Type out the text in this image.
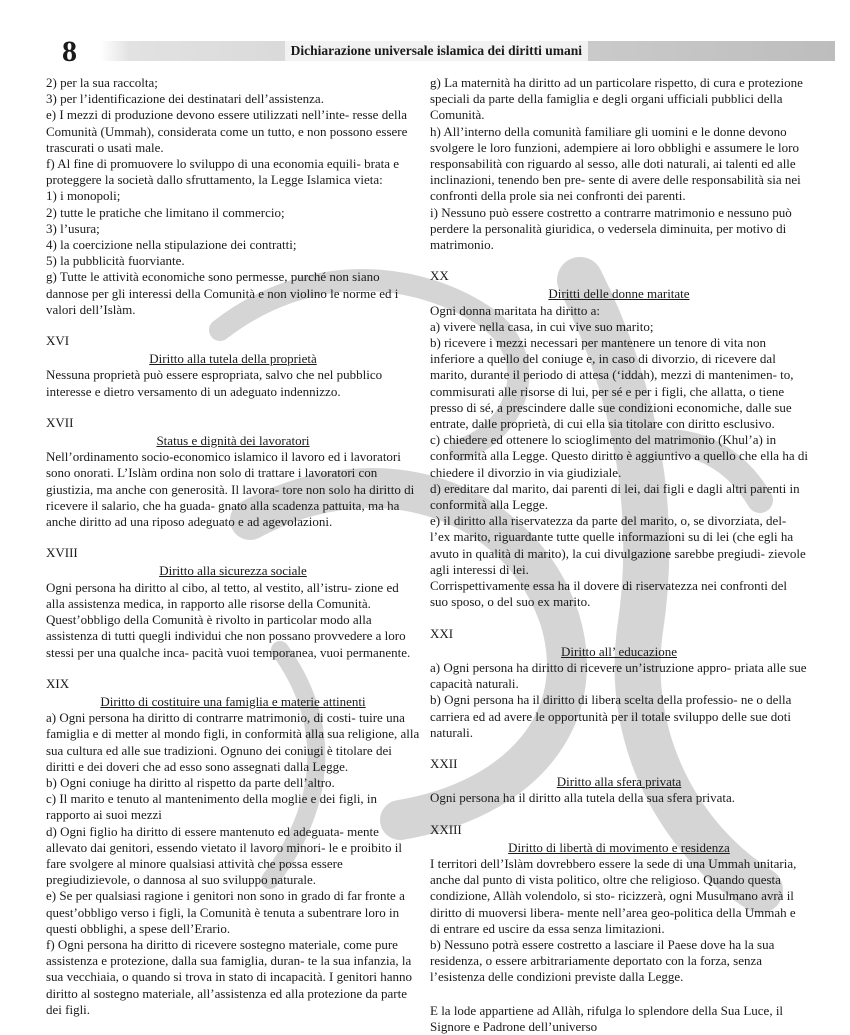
8	Dichiarazione universale islamica dei diritti umani

2) per la sua raccolta;

3) per l’identificazione dei destinatari dell’assistenza.

e) I mezzi di produzione devono essere utilizzati nell’inte- resse della Comunità (Ummah), considerata come un tutto, e non possono essere trascurati o usati male.

f) Al fine di promuovere lo sviluppo di una economia equili- brata e proteggere la società dallo sfruttamento, la Legge Islamica vieta:

1) i monopoli;

2) tutte le pratiche che limitano il commercio;

3) l’usura;

4) la coercizione nella stipulazione dei contratti;

5) la pubblicità fuorviante.

g) Tutte le attività economiche sono permesse, purché non siano dannose per gli interessi della Comunità e non violino le norme ed i valori dell’Islàm.

XVI

Diritto alla tutela della proprietà

Nessuna proprietà può essere espropriata, salvo che nel pubblico interesse e dietro versamento di un adeguato indennizzo.

XVII

Status e dignità dei lavoratori

Nell’ordinamento socio-economico islamico il lavoro ed i lavoratori sono onorati. L’Islàm ordina non solo di trattare i lavoratori con giustizia, ma anche con generosità. Il lavora- tore non solo ha diritto di ricevere il salario, che ha guada- gnato alla scadenza pattuita, ma ha anche diritto ad una riposo adeguato e ad agevolazioni.

XVIII

Diritto alla sicurezza sociale

Ogni persona ha diritto al cibo, al tetto, al vestito, all’istru- zione ed alla assistenza medica, in rapporto alle risorse della Comunità. Quest’obbligo della Comunità è rivolto in particolar modo alla assistenza di tutti quegli individui che non possano provvedere a loro stessi per una qualche inca- pacità vuoi temporanea, vuoi permanente.

XIX

Diritto di costituire una famiglia e materie attinenti

a) Ogni persona ha diritto di contrarre matrimonio, di costi- tuire una famiglia e di metter al mondo figli, in conformità alla sua religione, alla sua cultura ed alle sue tradizioni. Ognuno dei coniugi è titolare dei diritti e dei doveri che ad esso sono assegnati dalla Legge.

b) Ogni coniuge ha diritto al rispetto da parte dell’altro.

c) Il marito e tenuto al mantenimento della moglie e dei figli, in rapporto ai suoi mezzi

d) Ogni figlio ha diritto di essere mantenuto ed adeguata- mente allevato dai genitori, essendo vietato il lavoro minori- le e proibito il fare svolgere al minore qualsiasi attività che possa essere pregiudizievole, o dannosa al suo sviluppo naturale.

e) Se per qualsiasi ragione i genitori non sono in grado di far fronte a quest’obbligo verso i figli, la Comunità è tenuta a subentrare loro in questi obblighi, a spese dell’Erario.

f) Ogni persona ha diritto di ricevere sostegno materiale, come pure assistenza e protezione, dalla sua famiglia, duran- te la sua infanzia, la sua vecchiaia, o quando si trova in stato di incapacità. I genitori hanno diritto al sostegno materiale, all’assistenza ed alla protezione da parte dei figli.

g) La maternità ha diritto ad un particolare rispetto, di cura e protezione speciali da parte della famiglia e degli organi ufficiali pubblici della Comunità.

h) All’interno della comunità familiare gli uomini e le donne devono svolgere le loro funzioni, adempiere ai loro obblighi e assumere le loro responsabilità con riguardo al sesso, alle doti naturali, ai talenti ed alle inclinazioni, tenendo ben pre- sente di avere delle responsabilità sia nei confronti della prole sia nei confronti dei parenti.

i) Nessuno può essere costretto a contrarre matrimonio e nessuno può perdere la personalità giuridica, o vedersela diminuita, per motivo di matrimonio.

XX

Diritti delle donne maritate

Ogni donna maritata ha diritto a:

a) vivere nella casa, in cui vive suo marito;

b) ricevere i mezzi necessari per mantenere un tenore di vita non inferiore a quello del coniuge e, in caso di divorzio, di ricevere dal marito, durante il periodo di attesa (‘iddah), mezzi di mantenimen- to, commisurati alle risorse di lui, per sé e per i figli, che allatta, o tiene presso di sé, a prescindere dalle sue condizioni economiche, dalle sue entrate, dalle proprietà, di cui ella sia titolare con diritto esclusivo.

c) chiedere ed ottenere lo scioglimento del matrimonio (Khul’a) in conformità alla Legge. Questo diritto è aggiuntivo a quello che ella ha di chiedere il divorzio in via giudiziale.

d) ereditare dal marito, dai parenti di lei, dai figli e dagli altri parenti in conformità alla Legge.

e) il diritto alla riservatezza da parte del marito, o, se divorziata, del- l’ex marito, riguardante tutte quelle informazioni su di lei (che egli ha avuto in qualità di marito), la cui divulgazione sarebbe pregiudi- zievole agli interessi di lei.

Corrispettivamente essa ha il dovere di riservatezza nei confronti del suo sposo, o del suo ex marito.

XXI

Diritto all’ educazione

a) Ogni persona ha diritto di ricevere un’istruzione appro- priata alle sue capacità naturali.

b) Ogni persona ha il diritto di libera scelta della professio- ne o della carriera ed ad avere le opportunità per il totale sviluppo delle sue doti naturali.

XXII

Diritto alla sfera privata

Ogni persona ha il diritto alla tutela della sua sfera privata.

XXIII

Diritto di libertà di movimento e residenza

I territori dell’Islàm dovrebbero essere la sede di una Ummah unitaria, anche dal punto di vista politico, oltre che religioso. Quando questa condizione, Allàh volendolo, si sto- ricizzerà, ogni Musulmano avrà il diritto di muoversi libera- mente nell’area geo-politica della Ummah e di entrare ed uscire da essa senza limitazioni.

b) Nessuno potrà essere costretto a lasciare il Paese dove ha la sua residenza, o essere arbitrariamente deportato con la forza, senza l’esistenza delle condizioni previste dalla Legge.

E la lode appartiene ad Allàh, rifulga lo splendore della Sua Luce, il Signore e Padrone dell’universo
